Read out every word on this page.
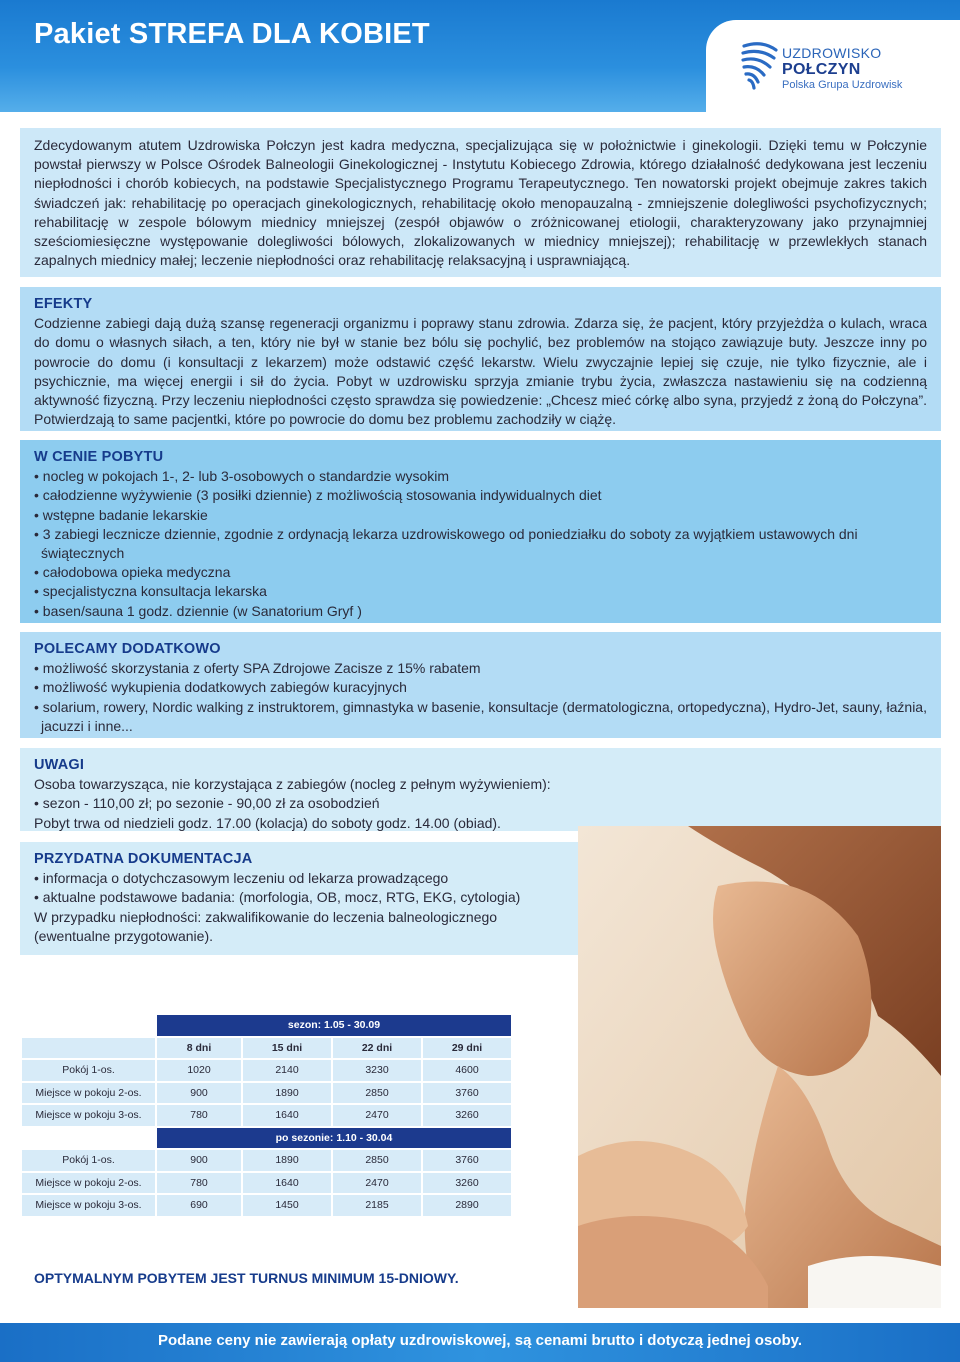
Pakiet STREFA DLA KOBIET
UZDROWISKO
POŁCZYN
Polska Grupa Uzdrowisk

Zdecydowanym atutem Uzdrowiska Połczyn jest kadra medyczna, specjalizująca się w położnictwie i ginekologii. Dzięki temu w Połczynie powstał pierwszy w Polsce Ośrodek Balneologii Ginekologicznej - Instytutu Kobiecego Zdrowia, którego działalność dedykowana jest leczeniu niepłodności i chorób kobiecych, na podstawie Specjalistycznego Programu Terapeutycznego. Ten nowatorski projekt obejmuje zakres takich świadczeń jak: rehabilitację po operacjach ginekologicznych, rehabilitację około menopauzalną - zmniejszenie dolegliwości psychofizycznych; rehabilitację w zespole bólowym miednicy mniejszej (zespół objawów o zróżnicowanej etiologii, charakteryzowany jako przynajmniej sześciomiesięczne występowanie dolegliwości bólowych, zlokalizowanych w miednicy mniejszej); rehabilitację w przewlekłych stanach zapalnych miednicy małej; leczenie niepłodności oraz rehabilitację relaksacyjną i usprawniającą.

EFEKTY

Codzienne zabiegi dają dużą szansę regeneracji organizmu i poprawy stanu zdrowia. Zdarza się, że pacjent, który przyjeżdża o kulach, wraca do domu o własnych siłach, a ten, który nie był w stanie bez bólu się pochylić, bez problemów na stojąco zawiązuje buty. Jeszcze inny po powrocie do domu (i konsultacji z lekarzem) może odstawić część lekarstw. Wielu zwyczajnie lepiej się czuje, nie tylko fizycznie, ale i psychicznie, ma więcej energii i sił do życia. Pobyt w uzdrowisku sprzyja zmianie trybu życia, zwłaszcza nastawieniu się na codzienną aktywność fizyczną. Przy leczeniu niepłodności często sprawdza się powiedzenie: „Chcesz mieć córkę albo syna, przyjedź z żoną do Połczyna”. Potwierdzają to same pacjentki, które po powrocie do domu bez problemu zachodziły w ciążę.

W CENIE POBYTU

• nocleg w pokojach 1-, 2- lub 3-osobowych o standardzie wysokim
• całodzienne wyżywienie (3 posiłki dziennie) z możliwością stosowania indywidualnych diet
• wstępne badanie lekarskie
• 3 zabiegi lecznicze dziennie, zgodnie z ordynacją lekarza uzdrowiskowego od poniedziałku do soboty za wyjątkiem ustawowych dni świątecznych
• całodobowa opieka medyczna
• specjalistyczna konsultacja lekarska
• basen/sauna 1 godz. dziennie (w Sanatorium Gryf )

POLECAMY DODATKOWO

• możliwość skorzystania z oferty SPA Zdrojowe Zacisze z 15% rabatem
• możliwość wykupienia dodatkowych zabiegów kuracyjnych
• solarium, rowery, Nordic walking z instruktorem, gimnastyka w basenie, konsultacje (dermatologiczna, ortopedyczna), Hydro-Jet, sauny, łaźnia, jacuzzi i inne...

UWAGI

Osoba towarzysząca, nie korzystająca z zabiegów (nocleg z pełnym wyżywieniem):

• sezon - 110,00 zł; po sezonie - 90,00 zł za osobodzień

Pobyt trwa od niedzieli godz. 17.00 (kolacja) do soboty godz. 14.00 (obiad).

PRZYDATNA DOKUMENTACJA

• informacja o dotychczasowym leczeniu od lekarza prowadzącego
• aktualne podstawowe badania: (morfologia, OB, mocz, RTG, EKG, cytologia)

W przypadku niepłodności: zakwalifikowanie do leczenia balneologicznego (ewentualne przygotowanie).

	sezon: 1.05 - 30.09			
	8 dni	15 dni	22 dni	29 dni
Pokój 1-os.	1020	2140	3230	4600
Miejsce w pokoju 2-os.	900	1890	2850	3760
Miejsce w pokoju 3-os.	780	1640	2470	3260
	po sezonie: 1.10 - 30.04			
Pokój 1-os.	900	1890	2850	3760
Miejsce w pokoju 2-os.	780	1640	2470	3260
Miejsce w pokoju 3-os.	690	1450	2185	2890
OPTYMALNYM POBYTEM JEST TURNUS MINIMUM 15-DNIOWY.
Podane ceny nie zawierają opłaty uzdrowiskowej, są cenami brutto i dotyczą jednej osoby.
